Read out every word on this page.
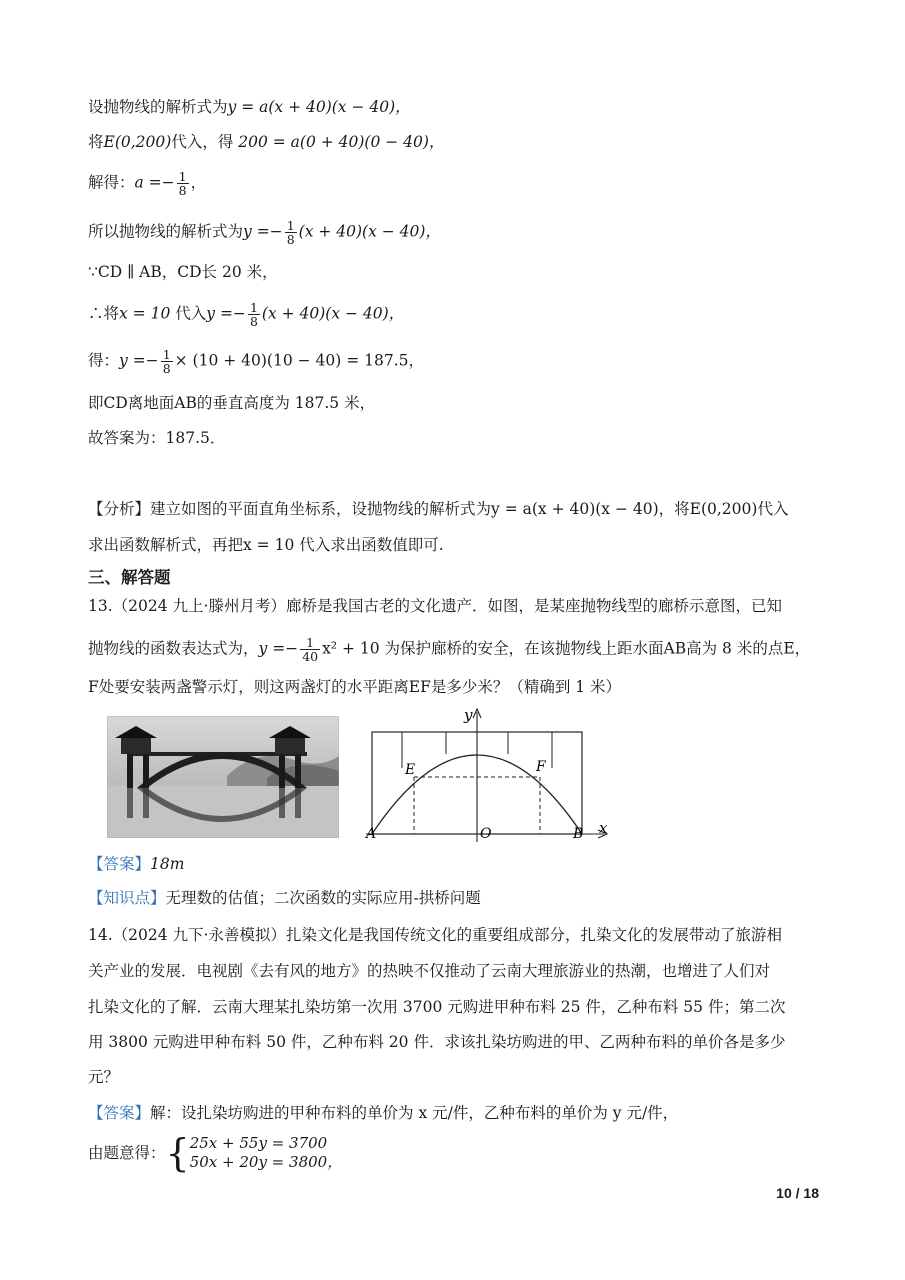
设抛物线的解析式为y = a(x + 40)(x − 40)，
将E(0,200)代入，得 200 = a(0 + 40)(0 − 40)，
解得：$a =- \frac{1}{8}$ ，
所以抛物线的解析式为$y =- \frac{1}{8} (x + 40)(x - 40)$，
∵CD ∥ AB，CD长 20 米，
∴将x = 10 代入$y =- \frac{1}{8} (x + 40)(x - 40)$，
得：$y =- \frac{1}{8} \times (10 + 40)(10 - 40) = 187.5$，
即CD离地面AB的垂直高度为 187.5 米，
故答案为：187.5．
【分析】建立如图的平面直角坐标系，设抛物线的解析式为y = a(x + 40)(x − 40)，将E(0,200)代入
求出函数解析式，再把x = 10 代入求出函数值即可.
三、解答题
13.（2024 九上·滕州月考）廊桥是我国古老的文化遗产．如图，是某座抛物线型的廊桥示意图，已知
抛物线的函数表达式为，$y =- \frac{1}{40} x^2 + 10$ 为保护廊桥的安全，在该抛物线上距水面AB高为 8 米的点E，
F处要安装两盏警示灯，则这两盏灯的水平距离EF是多少米？（精确到 1 米）
y
x
E	F
A	O	B
【答案】18m
【知识点】无理数的估值；二次函数的实际应用-拱桥问题
14.（2024 九下·永善模拟）扎染文化是我国传统文化的重要组成部分，扎染文化的发展带动了旅游相
关产业的发展．电视剧《去有风的地方》的热映不仅推动了云南大理旅游业的热潮，也增进了人们对
扎染文化的了解．云南大理某扎染坊第一次用 3700 元购进甲种布料 25 件，乙种布料 55 件；第二次
用 3800 元购进甲种布料 50 件，乙种布料 20 件．求该扎染坊购进的甲、乙两种布料的单价各是多少
元？
【答案】解：设扎染坊购进的甲种布料的单价为 x 元/件，乙种布料的单价为 y 元/件，
由题意得：{ 25x + 55y = 3700
50x + 20y = 3800，
10 / 18
